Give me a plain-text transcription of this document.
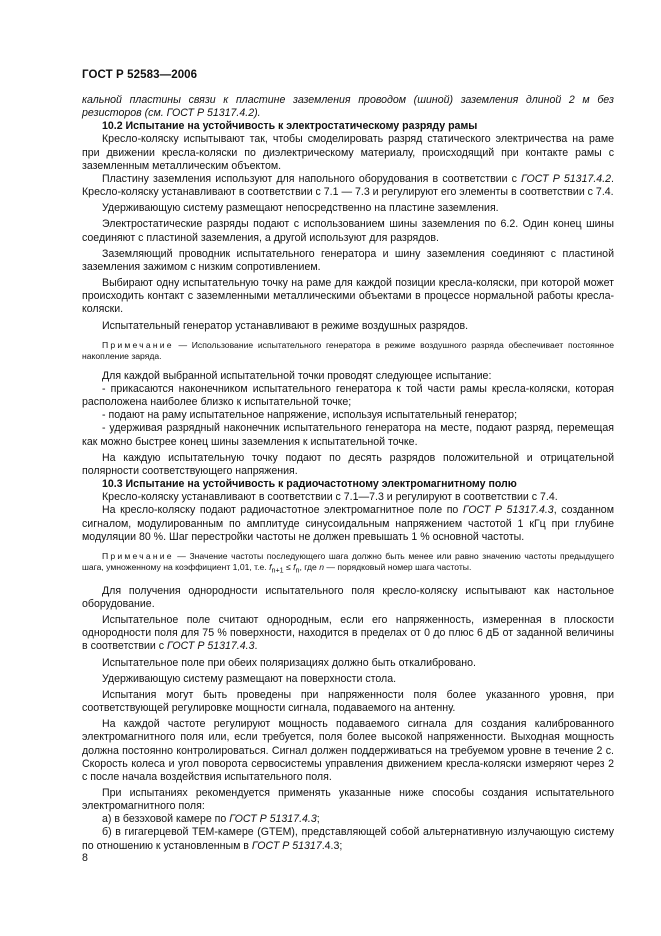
ГОСТ Р 52583—2006

кальной пластины связи к пластине заземления проводом (шиной) заземления длиной 2 м без резисторов (см. ГОСТ Р 51317.4.2).

10.2 Испытание на устойчивость к электростатическому разряду рамы

Кресло-коляску испытывают так, чтобы смоделировать разряд статического электричества на раме при движении кресла-коляски по диэлектрическому материалу, происходящий при контакте рамы с заземленным металлическим объектом.

Пластину заземления используют для напольного оборудования в соответствии с ГОСТ Р 51317.4.2. Кресло-коляску устанавливают в соответствии с 7.1 — 7.3 и регулируют его элементы в соответствии с 7.4.

Удерживающую систему размещают непосредственно на пластине заземления.

Электростатические разряды подают с использованием шины заземления по 6.2. Один конец шины соединяют с пластиной заземления, а другой используют для разрядов.

Заземляющий проводник испытательного генератора и шину заземления соединяют с пластиной заземления зажимом с низким сопротивлением.

Выбирают одну испытательную точку на раме для каждой позиции кресла-коляски, при которой может происходить контакт с заземленными металлическими объектами в процессе нормальной работы кресла-коляски.

Испытательный генератор устанавливают в режиме воздушных разрядов.

Примечание — Использование испытательного генератора в режиме воздушного разряда обеспечивает постоянное накопление заряда.

Для каждой выбранной испытательной точки проводят следующее испытание:

- прикасаются наконечником испытательного генератора к той части рамы кресла-коляски, которая расположена наиболее близко к испытательной точке;

- подают на раму испытательное напряжение, используя испытательный генератор;

- удерживая разрядный наконечник испытательного генератора на месте, подают разряд, перемещая как можно быстрее конец шины заземления к испытательной точке.

На каждую испытательную точку подают по десять разрядов положительной и отрицательной полярности соответствующего напряжения.

10.3 Испытание на устойчивость к радиочастотному электромагнитному полю

Кресло-коляску устанавливают в соответствии с 7.1—7.3 и регулируют в соответствии с 7.4.

На кресло-коляску подают радиочастотное электромагнитное поле по ГОСТ Р 51317.4.3, созданном сигналом, модулированным по амплитуде синусоидальным напряжением частотой 1 кГц при глубине модуляции 80 %. Шаг перестройки частоты не должен превышать 1 % основной частоты.

Примечание — Значение частоты последующего шага должно быть менее или равно значению частоты предыдущего шага, умноженному на коэффициент 1,01, т.е. $f_{n+1} \le f_n$, где n — порядковый номер шага частоты.

Для получения однородности испытательного поля кресло-коляску испытывают как настольное оборудование.

Испытательное поле считают однородным, если его напряженность, измеренная в плоскости однородности поля для 75 % поверхности, находится в пределах от 0 до плюс 6 дБ от заданной величины в соответствии с ГОСТ Р 51317.4.3.

Испытательное поле при обеих поляризациях должно быть откалибровано.

Удерживающую систему размещают на поверхности стола.

Испытания могут быть проведены при напряженности поля более указанного уровня, при соответствующей регулировке мощности сигнала, подаваемого на антенну.

На каждой частоте регулируют мощность подаваемого сигнала для создания калиброванного электромагнитного поля или, если требуется, поля более высокой напряженности. Выходная мощность должна постоянно контролироваться. Сигнал должен поддерживаться на требуемом уровне в течение 2 с. Скорость колеса и угол поворота сервосистемы управления движением кресла-коляски измеряют через 2 с после начала воздействия испытательного поля.

При испытаниях рекомендуется применять указанные ниже способы создания испытательного электромагнитного поля:

а) в безэховой камере по ГОСТ Р 51317.4.3;

б) в гигагерцевой ТЕМ-камере (GTEM), представляющей собой альтернативную излучающую систему по отношению к установленным в ГОСТ Р 51317.4.3;

8
